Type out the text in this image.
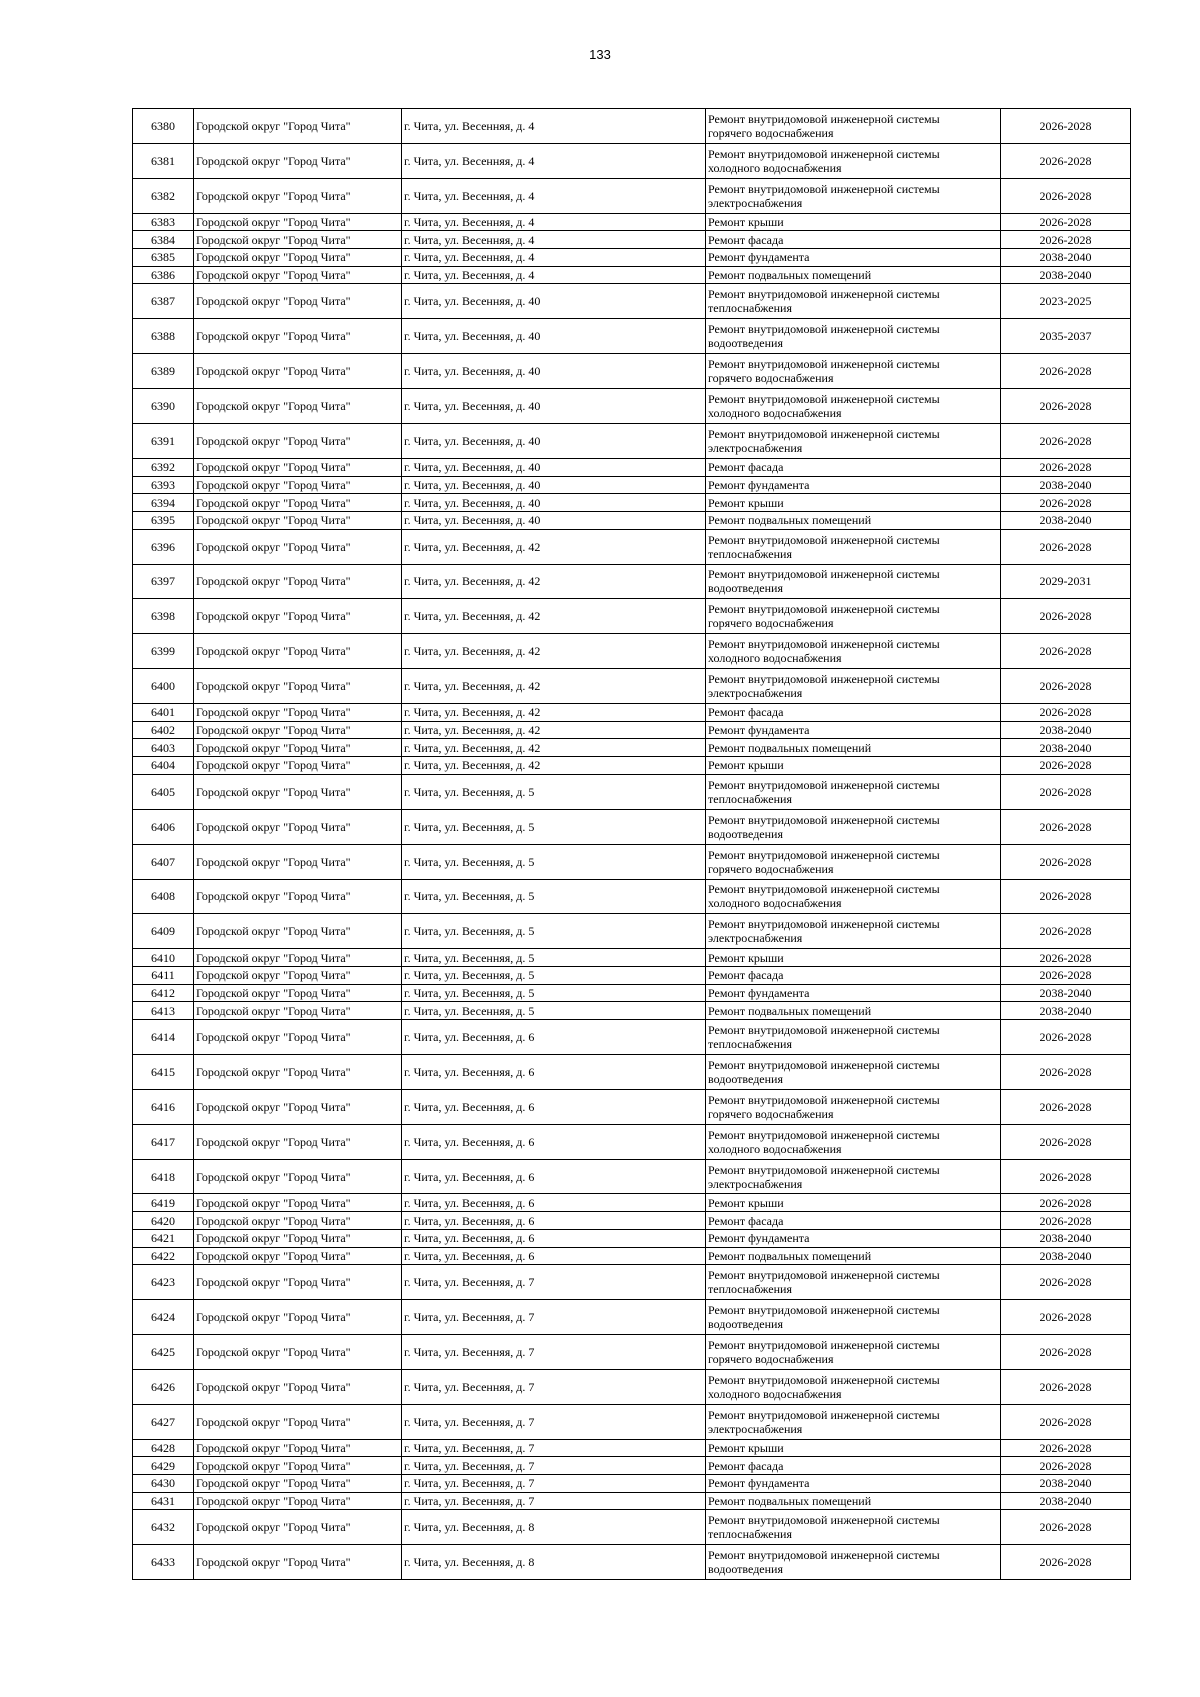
133
6380	Городской округ "Город Чита"	г. Чита, ул. Весенняя, д. 4	Ремонт внутридомовой инженерной системы
горячего водоснабжения	2026-2028
6381	Городской округ "Город Чита"	г. Чита, ул. Весенняя, д. 4	Ремонт внутридомовой инженерной системы
холодного водоснабжения	2026-2028
6382	Городской округ "Город Чита"	г. Чита, ул. Весенняя, д. 4	Ремонт внутридомовой инженерной системы
электроснабжения	2026-2028
6383	Городской округ "Город Чита"	г. Чита, ул. Весенняя, д. 4	Ремонт крыши	2026-2028
6384	Городской округ "Город Чита"	г. Чита, ул. Весенняя, д. 4	Ремонт фасада	2026-2028
6385	Городской округ "Город Чита"	г. Чита, ул. Весенняя, д. 4	Ремонт фундамента	2038-2040
6386	Городской округ "Город Чита"	г. Чита, ул. Весенняя, д. 4	Ремонт подвальных помещений	2038-2040
6387	Городской округ "Город Чита"	г. Чита, ул. Весенняя, д. 40	Ремонт внутридомовой инженерной системы
теплоснабжения	2023-2025
6388	Городской округ "Город Чита"	г. Чита, ул. Весенняя, д. 40	Ремонт внутридомовой инженерной системы
водоотведения	2035-2037
6389	Городской округ "Город Чита"	г. Чита, ул. Весенняя, д. 40	Ремонт внутридомовой инженерной системы
горячего водоснабжения	2026-2028
6390	Городской округ "Город Чита"	г. Чита, ул. Весенняя, д. 40	Ремонт внутридомовой инженерной системы
холодного водоснабжения	2026-2028
6391	Городской округ "Город Чита"	г. Чита, ул. Весенняя, д. 40	Ремонт внутридомовой инженерной системы
электроснабжения	2026-2028
6392	Городской округ "Город Чита"	г. Чита, ул. Весенняя, д. 40	Ремонт фасада	2026-2028
6393	Городской округ "Город Чита"	г. Чита, ул. Весенняя, д. 40	Ремонт фундамента	2038-2040
6394	Городской округ "Город Чита"	г. Чита, ул. Весенняя, д. 40	Ремонт крыши	2026-2028
6395	Городской округ "Город Чита"	г. Чита, ул. Весенняя, д. 40	Ремонт подвальных помещений	2038-2040
6396	Городской округ "Город Чита"	г. Чита, ул. Весенняя, д. 42	Ремонт внутридомовой инженерной системы
теплоснабжения	2026-2028
6397	Городской округ "Город Чита"	г. Чита, ул. Весенняя, д. 42	Ремонт внутридомовой инженерной системы
водоотведения	2029-2031
6398	Городской округ "Город Чита"	г. Чита, ул. Весенняя, д. 42	Ремонт внутридомовой инженерной системы
горячего водоснабжения	2026-2028
6399	Городской округ "Город Чита"	г. Чита, ул. Весенняя, д. 42	Ремонт внутридомовой инженерной системы
холодного водоснабжения	2026-2028
6400	Городской округ "Город Чита"	г. Чита, ул. Весенняя, д. 42	Ремонт внутридомовой инженерной системы
электроснабжения	2026-2028
6401	Городской округ "Город Чита"	г. Чита, ул. Весенняя, д. 42	Ремонт фасада	2026-2028
6402	Городской округ "Город Чита"	г. Чита, ул. Весенняя, д. 42	Ремонт фундамента	2038-2040
6403	Городской округ "Город Чита"	г. Чита, ул. Весенняя, д. 42	Ремонт подвальных помещений	2038-2040
6404	Городской округ "Город Чита"	г. Чита, ул. Весенняя, д. 42	Ремонт крыши	2026-2028
6405	Городской округ "Город Чита"	г. Чита, ул. Весенняя, д. 5	Ремонт внутридомовой инженерной системы
теплоснабжения	2026-2028
6406	Городской округ "Город Чита"	г. Чита, ул. Весенняя, д. 5	Ремонт внутридомовой инженерной системы
водоотведения	2026-2028
6407	Городской округ "Город Чита"	г. Чита, ул. Весенняя, д. 5	Ремонт внутридомовой инженерной системы
горячего водоснабжения	2026-2028
6408	Городской округ "Город Чита"	г. Чита, ул. Весенняя, д. 5	Ремонт внутридомовой инженерной системы
холодного водоснабжения	2026-2028
6409	Городской округ "Город Чита"	г. Чита, ул. Весенняя, д. 5	Ремонт внутридомовой инженерной системы
электроснабжения	2026-2028
6410	Городской округ "Город Чита"	г. Чита, ул. Весенняя, д. 5	Ремонт крыши	2026-2028
6411	Городской округ "Город Чита"	г. Чита, ул. Весенняя, д. 5	Ремонт фасада	2026-2028
6412	Городской округ "Город Чита"	г. Чита, ул. Весенняя, д. 5	Ремонт фундамента	2038-2040
6413	Городской округ "Город Чита"	г. Чита, ул. Весенняя, д. 5	Ремонт подвальных помещений	2038-2040
6414	Городской округ "Город Чита"	г. Чита, ул. Весенняя, д. 6	Ремонт внутридомовой инженерной системы
теплоснабжения	2026-2028
6415	Городской округ "Город Чита"	г. Чита, ул. Весенняя, д. 6	Ремонт внутридомовой инженерной системы
водоотведения	2026-2028
6416	Городской округ "Город Чита"	г. Чита, ул. Весенняя, д. 6	Ремонт внутридомовой инженерной системы
горячего водоснабжения	2026-2028
6417	Городской округ "Город Чита"	г. Чита, ул. Весенняя, д. 6	Ремонт внутридомовой инженерной системы
холодного водоснабжения	2026-2028
6418	Городской округ "Город Чита"	г. Чита, ул. Весенняя, д. 6	Ремонт внутридомовой инженерной системы
электроснабжения	2026-2028
6419	Городской округ "Город Чита"	г. Чита, ул. Весенняя, д. 6	Ремонт крыши	2026-2028
6420	Городской округ "Город Чита"	г. Чита, ул. Весенняя, д. 6	Ремонт фасада	2026-2028
6421	Городской округ "Город Чита"	г. Чита, ул. Весенняя, д. 6	Ремонт фундамента	2038-2040
6422	Городской округ "Город Чита"	г. Чита, ул. Весенняя, д. 6	Ремонт подвальных помещений	2038-2040
6423	Городской округ "Город Чита"	г. Чита, ул. Весенняя, д. 7	Ремонт внутридомовой инженерной системы
теплоснабжения	2026-2028
6424	Городской округ "Город Чита"	г. Чита, ул. Весенняя, д. 7	Ремонт внутридомовой инженерной системы
водоотведения	2026-2028
6425	Городской округ "Город Чита"	г. Чита, ул. Весенняя, д. 7	Ремонт внутридомовой инженерной системы
горячего водоснабжения	2026-2028
6426	Городской округ "Город Чита"	г. Чита, ул. Весенняя, д. 7	Ремонт внутридомовой инженерной системы
холодного водоснабжения	2026-2028
6427	Городской округ "Город Чита"	г. Чита, ул. Весенняя, д. 7	Ремонт внутридомовой инженерной системы
электроснабжения	2026-2028
6428	Городской округ "Город Чита"	г. Чита, ул. Весенняя, д. 7	Ремонт крыши	2026-2028
6429	Городской округ "Город Чита"	г. Чита, ул. Весенняя, д. 7	Ремонт фасада	2026-2028
6430	Городской округ "Город Чита"	г. Чита, ул. Весенняя, д. 7	Ремонт фундамента	2038-2040
6431	Городской округ "Город Чита"	г. Чита, ул. Весенняя, д. 7	Ремонт подвальных помещений	2038-2040
6432	Городской округ "Город Чита"	г. Чита, ул. Весенняя, д. 8	Ремонт внутридомовой инженерной системы
теплоснабжения	2026-2028
6433	Городской округ "Город Чита"	г. Чита, ул. Весенняя, д. 8	Ремонт внутридомовой инженерной системы
водоотведения	2026-2028
